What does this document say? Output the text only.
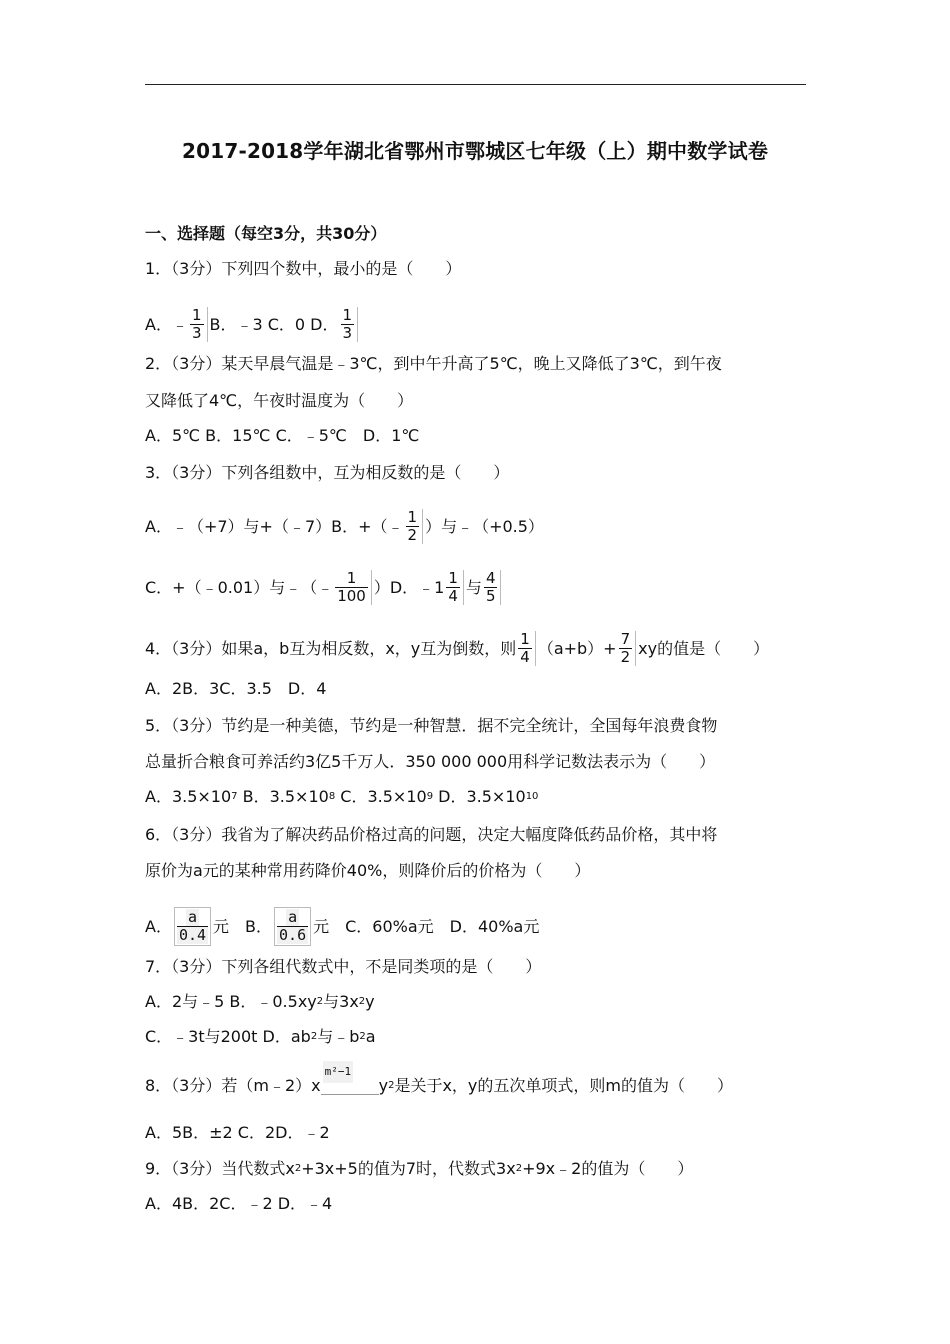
2017-2018学年湖北省鄂州市鄂城区七年级（上）期中数学试卷
一、选择题（每空3分，共30分）
1．（3分）下列四个数中，最小的是（　　）
A．﹣ $\frac{1}{3}$ B．﹣3 C．0 D． $\frac{1}{3}$
2．（3分）某天早晨气温是﹣3℃，到中午升高了5℃，晚上又降低了3℃，到午夜
又降低了4℃，午夜时温度为（　　）
A．5℃ B．15℃ C．﹣5℃　D．1℃
3．（3分）下列各组数中，互为相反数的是（　　）
A．﹣（+7）与+（﹣7）B．+（﹣ $\frac{1}{2}$ ）与﹣（+0.5）
C．+（﹣0.01）与﹣（﹣ $\frac{1}{100} )D$．﹣1 $\frac{1}{4}$ 与 $\frac{4}{5}$
4．（3分）如果a，b互为相反数，x，y互为倒数，则 $\frac{1}{4} (a+b)+ \frac{7}{2}$ xy的值是（　　）
A．2B．3C．3.5　D．4
5．（3分）节约是一种美德，节约是一种智慧．据不完全统计，全国每年浪费食物
总量折合粮食可养活约3亿5千万人．350 000 000用科学记数法表示为（　　）
A．3.5×10 7 B．3.5×10 8 C．3.5×10 9 D．3.5×10 10
6．（3分）我省为了解决药品价格过高的问题，决定大幅度降低药品价格，其中将
原价为a元的某种常用药降价40%，则降价后的价格为（　　）
A． $\frac{a}{0.4}$ 元　B． $\frac{a}{0.6}$ 元　C．60%a元　D．40%a元
7．（3分）下列各组代数式中，不是同类项的是（　　）
A．2与﹣5 B．﹣0.5xy 2 与3x 2 y
C．﹣3t与200t D．ab 2 与﹣b 2 a
8．（3分）若（m﹣2）x

m²−1

y 2 是关于x，y的五次单项式，则m的值为（　　）
A．5B．±2 C．2D．﹣2
9．（3分）当代数式x 2 +3x+5的值为7时，代数式3x 2 +9x﹣2的值为（　　）
A．4B．2C．﹣2 D．﹣4
